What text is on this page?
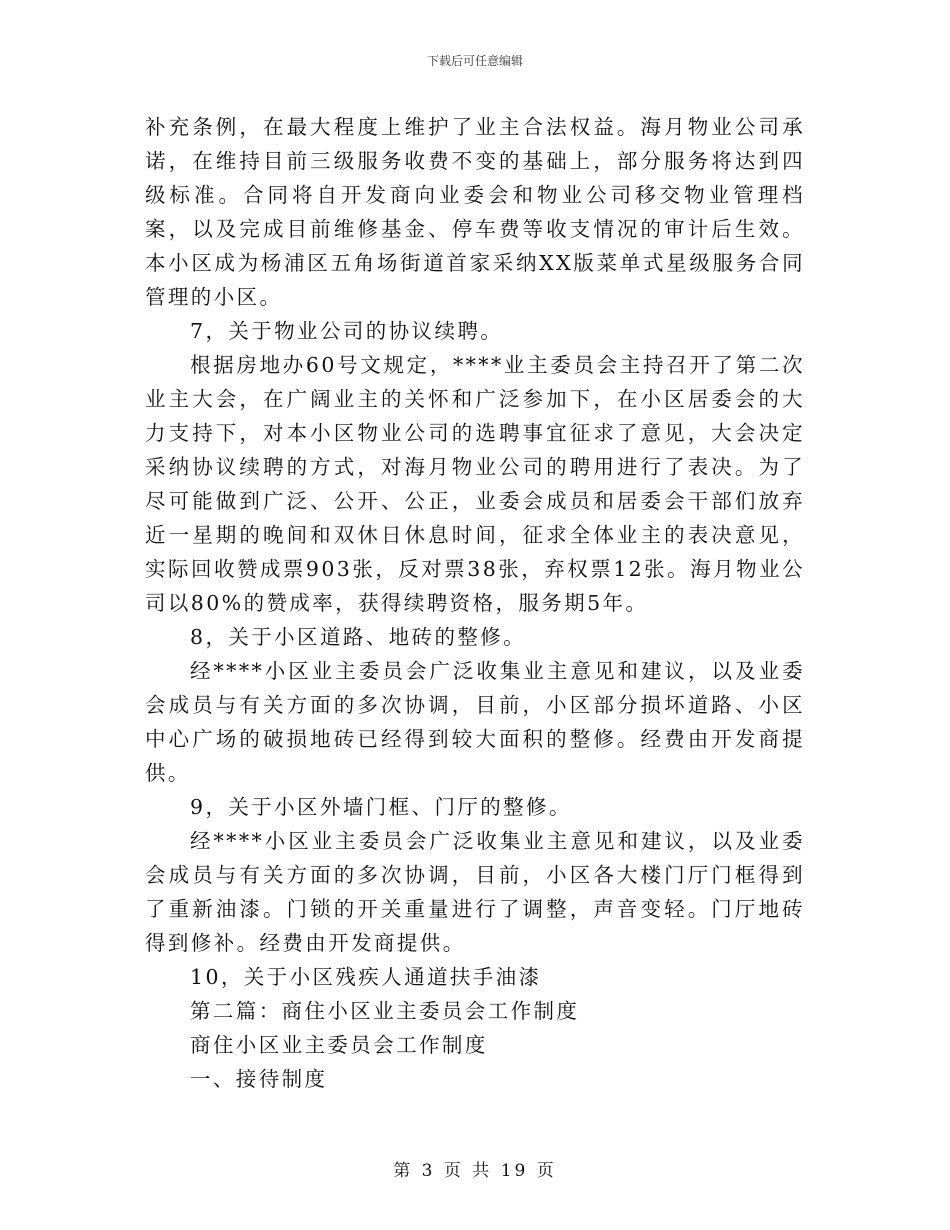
下载后可任意编辑

补充条例，在最大程度上维护了业主合法权益。海月物业公司承诺，在维持目前三级服务收费不变的基础上，部分服务将达到四级标准。合同将自开发商向业委会和物业公司移交物业管理档案，以及完成目前维修基金、停车费等收支情况的审计后生效。本小区成为杨浦区五角场街道首家采纳XX版菜单式星级服务合同管理的小区。

7，关于物业公司的协议续聘。

根据房地办60号文规定，****业主委员会主持召开了第二次业主大会，在广阔业主的关怀和广泛参加下，在小区居委会的大力支持下，对本小区物业公司的选聘事宜征求了意见，大会决定采纳协议续聘的方式，对海月物业公司的聘用进行了表决。为了尽可能做到广泛、公开、公正，业委会成员和居委会干部们放弃近一星期的晚间和双休日休息时间，征求全体业主的表决意见，实际回收赞成票903张，反对票38张，弃权票12张。海月物业公司以80%的赞成率，获得续聘资格，服务期5年。

8，关于小区道路、地砖的整修。

经****小区业主委员会广泛收集业主意见和建议，以及业委会成员与有关方面的多次协调，目前，小区部分损坏道路、小区中心广场的破损地砖已经得到较大面积的整修。经费由开发商提供。

9，关于小区外墙门框、门厅的整修。

经****小区业主委员会广泛收集业主意见和建议，以及业委会成员与有关方面的多次协调，目前，小区各大楼门厅门框得到了重新油漆。门锁的开关重量进行了调整，声音变轻。门厅地砖得到修补。经费由开发商提供。

10，关于小区残疾人通道扶手油漆

第二篇：商住小区业主委员会工作制度

商住小区业主委员会工作制度

一、接待制度

第 3 页 共 19 页
